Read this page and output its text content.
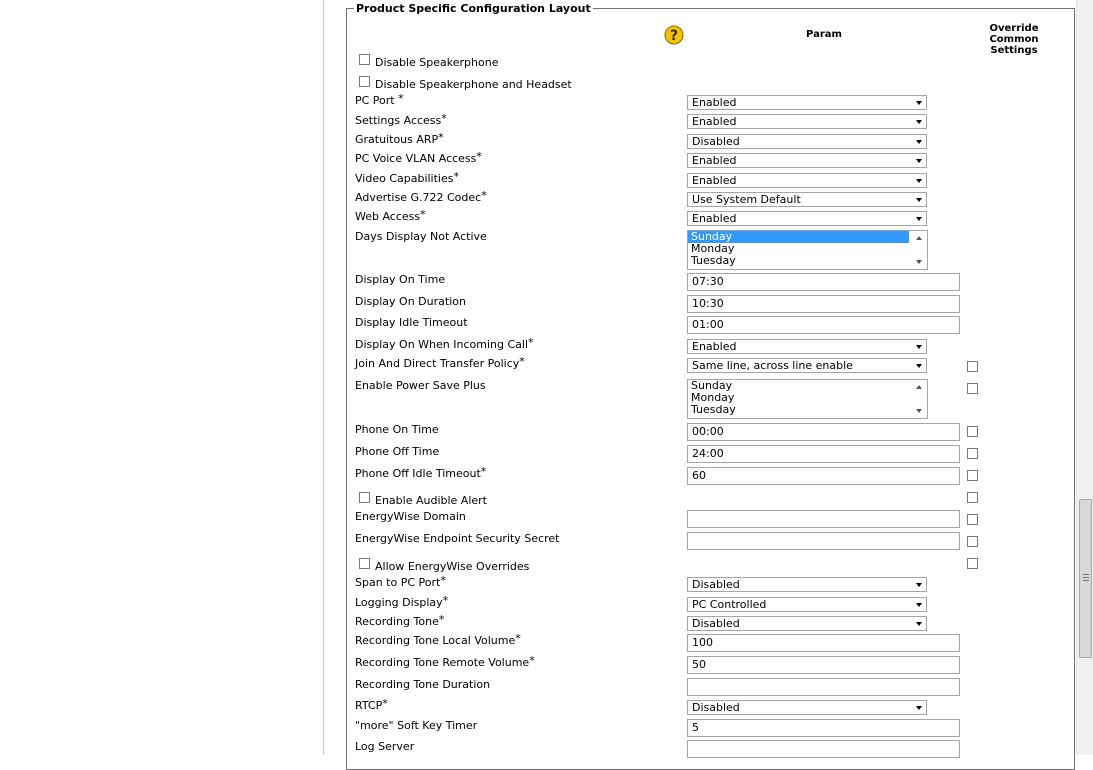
Product Specific Configuration Layout
?	Param
Override Common Settings
Disable Speakerphone
Disable Speakerphone and Headset
PC Port *	Enabled
Settings Access*	Enabled
Gratuitous ARP*	Disabled
PC Voice VLAN Access*	Enabled
Video Capabilities*	Enabled
Advertise G.722 Codec*	Use System Default
Web Access*	Enabled
Days Display Not Active	Sunday
Monday
Tuesday
Display On Time	07:30
Display On Duration	10:30
Display Idle Timeout	01:00
Display On When Incoming Call*	Enabled
Join And Direct Transfer Policy*	Same line, across line enable
Enable Power Save Plus	Sunday
Monday
Tuesday
Phone On Time	00:00
Phone Off Time	24:00
Phone Off Idle Timeout*	60
Enable Audible Alert
EnergyWise Domain
EnergyWise Endpoint Security Secret
Allow EnergyWise Overrides
Span to PC Port*	Disabled
Logging Display*	PC Controlled
Recording Tone*	Disabled
Recording Tone Local Volume*	100
Recording Tone Remote Volume*	50
Recording Tone Duration
RTCP*	Disabled
"more" Soft Key Timer	5
Log Server
